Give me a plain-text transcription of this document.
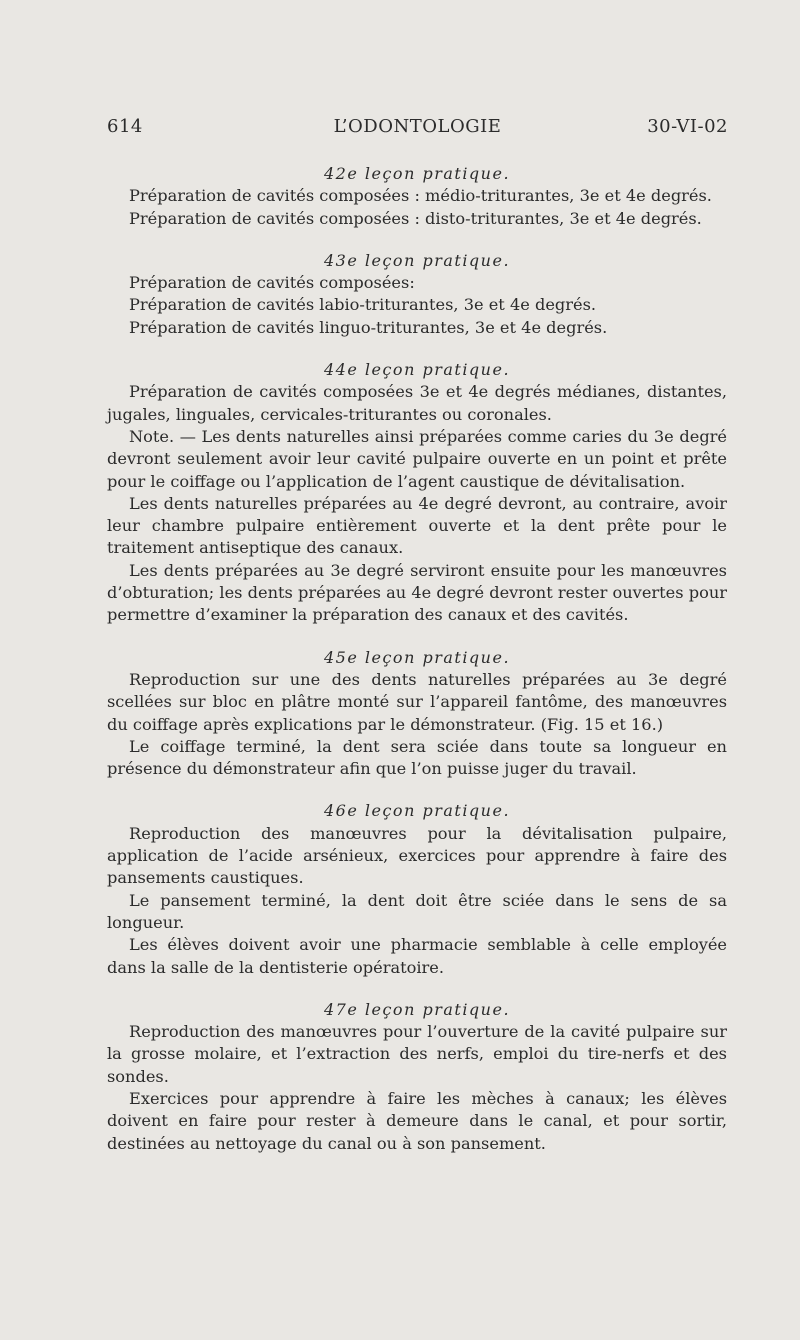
614	L’ODONTOLOGIE	30-VI-02
42e leçon pratique.

Préparation de cavités composées : médio-triturantes, 3e et 4e degrés.

Préparation de cavités composées : disto-triturantes, 3e et 4e degrés.

43e leçon pratique.

Préparation de cavités composées:

Préparation de cavités labio-triturantes, 3e et 4e degrés.

Préparation de cavités linguo-triturantes, 3e et 4e degrés.

44e leçon pratique.

Préparation de cavités composées 3e et 4e degrés médianes, distantes, jugales, linguales, cervicales-triturantes ou coronales.

Note. — Les dents naturelles ainsi préparées comme caries du 3e degré devront seulement avoir leur cavité pulpaire ouverte en un point et prête pour le coiffage ou l’application de l’agent caustique de dévitalisation.

Les dents naturelles préparées au 4e degré devront, au contraire, avoir leur chambre pulpaire entièrement ouverte et la dent prête pour le traitement antiseptique des canaux.

Les dents préparées au 3e degré serviront ensuite pour les manœuvres d’obturation; les dents préparées au 4e degré devront rester ouvertes pour permettre d’examiner la préparation des canaux et des cavités.

45e leçon pratique.

Reproduction sur une des dents naturelles préparées au 3e degré scellées sur bloc en plâtre monté sur l’appareil fantôme, des manœuvres du coiffage après explications par le démonstrateur. (Fig. 15 et 16.)

Le coiffage terminé, la dent sera sciée dans toute sa longueur en présence du démonstrateur afin que l’on puisse juger du travail.

46e leçon pratique.

Reproduction des manœuvres pour la dévitalisation pulpaire, application de l’acide arsénieux, exercices pour apprendre à faire des pansements caustiques.

Le pansement terminé, la dent doit être sciée dans le sens de sa longueur.

Les élèves doivent avoir une pharmacie semblable à celle employée dans la salle de la dentisterie opératoire.

47e leçon pratique.

Reproduction des manœuvres pour l’ouverture de la cavité pulpaire sur la grosse molaire, et l’extraction des nerfs, emploi du tire-nerfs et des sondes.

Exercices pour apprendre à faire les mèches à canaux; les élèves doivent en faire pour rester à demeure dans le canal, et pour sortir, destinées au nettoyage du canal ou à son pansement.
